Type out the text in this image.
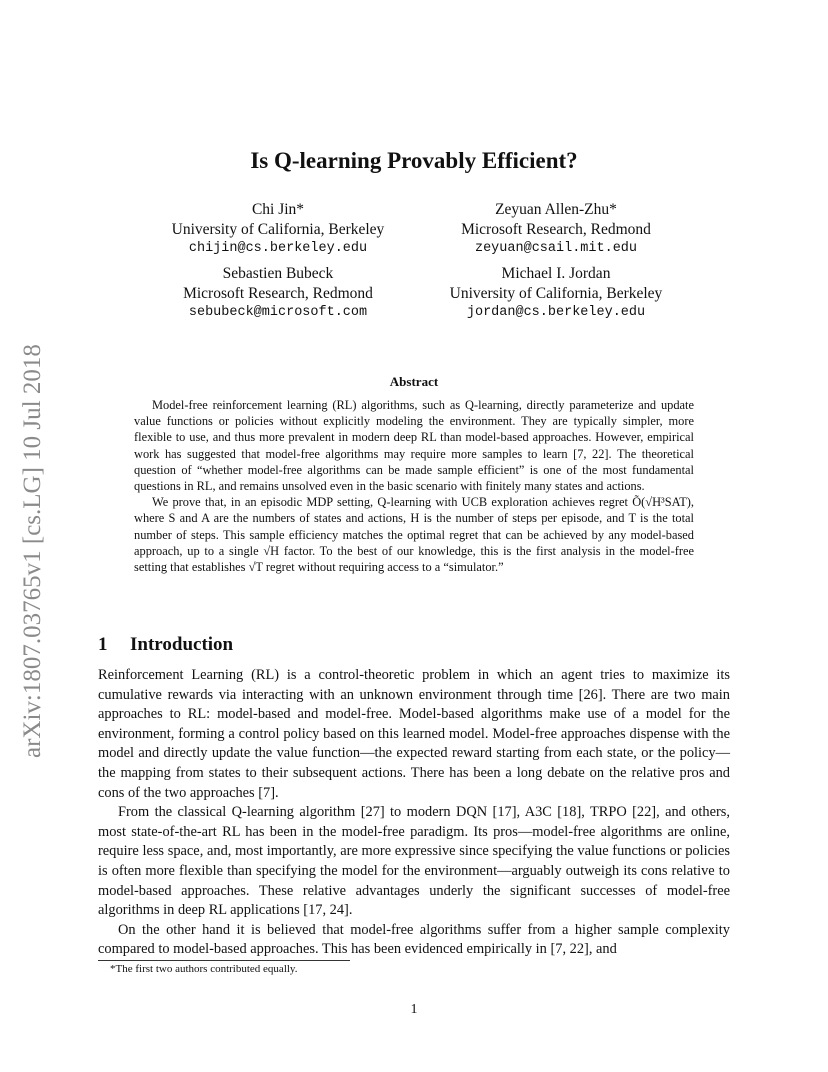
arXiv:1807.03765v1 [cs.LG] 10 Jul 2018
Is Q-learning Provably Efficient?
Chi Jin*
University of California, Berkeley
chijin@cs.berkeley.edu
Zeyuan Allen-Zhu*
Microsoft Research, Redmond
zeyuan@csail.mit.edu
Sebastien Bubeck
Microsoft Research, Redmond
sebubeck@microsoft.com
Michael I. Jordan
University of California, Berkeley
jordan@cs.berkeley.edu
Abstract

Model-free reinforcement learning (RL) algorithms, such as Q-learning, directly parameterize and update value functions or policies without explicitly modeling the environment. They are typically simpler, more flexible to use, and thus more prevalent in modern deep RL than model-based approaches. However, empirical work has suggested that model-free algorithms may require more samples to learn [7, 22]. The theoretical question of “whether model-free algorithms can be made sample efficient” is one of the most fundamental questions in RL, and remains unsolved even in the basic scenario with finitely many states and actions.

We prove that, in an episodic MDP setting, Q-learning with UCB exploration achieves regret Õ(√H³SAT), where S and A are the numbers of states and actions, H is the number of steps per episode, and T is the total number of steps. This sample efficiency matches the optimal regret that can be achieved by any model-based approach, up to a single √H factor. To the best of our knowledge, this is the first analysis in the model-free setting that establishes √T regret without requiring access to a “simulator.”

1 Introduction

Reinforcement Learning (RL) is a control-theoretic problem in which an agent tries to maximize its cumulative rewards via interacting with an unknown environment through time [26]. There are two main approaches to RL: model-based and model-free. Model-based algorithms make use of a model for the environment, forming a control policy based on this learned model. Model-free approaches dispense with the model and directly update the value function—the expected reward starting from each state, or the policy—the mapping from states to their subsequent actions. There has been a long debate on the relative pros and cons of the two approaches [7].

From the classical Q-learning algorithm [27] to modern DQN [17], A3C [18], TRPO [22], and others, most state-of-the-art RL has been in the model-free paradigm. Its pros—model-free algorithms are online, require less space, and, most importantly, are more expressive since specifying the value functions or policies is often more flexible than specifying the model for the environment—arguably outweigh its cons relative to model-based approaches. These relative advantages underly the significant successes of model-free algorithms in deep RL applications [17, 24].

On the other hand it is believed that model-free algorithms suffer from a higher sample complexity compared to model-based approaches. This has been evidenced empirically in [7, 22], and

*The first two authors contributed equally.
1
